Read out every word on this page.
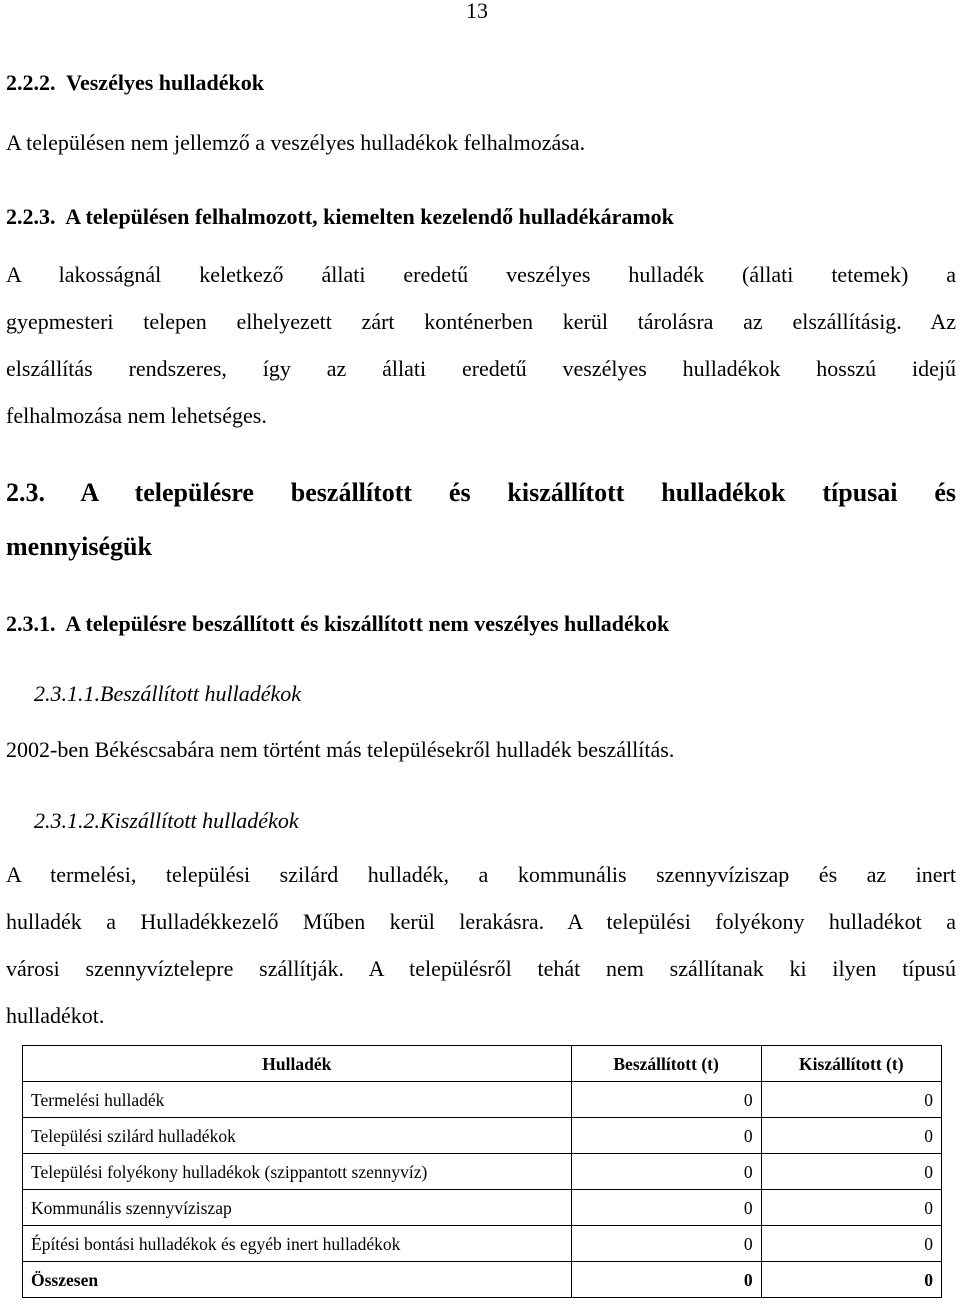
13
2.2.2. Veszélyes hulladékok
A településen nem jellemző a veszélyes hulladékok felhalmozása.
2.2.3. A településen felhalmozott, kiemelten kezelendő hulladékáramok
A lakosságnál keletkező állati eredetű veszélyes hulladék (állati tetemek) a
gyepmesteri telepen elhelyezett zárt konténerben kerül tárolásra az elszállításig. Az
elszállítás rendszeres, így az állati eredetű veszélyes hulladékok hosszú idejű
felhalmozása nem lehetséges.
2.3. A településre beszállított és kiszállított hulladékok típusai és
mennyiségük
2.3.1. A településre beszállított és kiszállított nem veszélyes hulladékok
2.3.1.1.Beszállított hulladékok
2002-ben Békéscsabára nem történt más településekről hulladék beszállítás.
2.3.1.2.Kiszállított hulladékok
A termelési, települési szilárd hulladék, a kommunális szennyvíziszap és az inert
hulladék a Hulladékkezelő Műben kerül lerakásra. A települési folyékony hulladékot a
városi szennyvíztelepre szállítják. A településről tehát nem szállítanak ki ilyen típusú
hulladékot.
Hulladék	Beszállított (t)	Kiszállított (t)
Termelési hulladék	0	0
Települési szilárd hulladékok	0	0
Települési folyékony hulladékok (szippantott szennyvíz)	0	0
Kommunális szennyvíziszap	0	0
Építési bontási hulladékok és egyéb inert hulladékok	0	0
Összesen	0	0
